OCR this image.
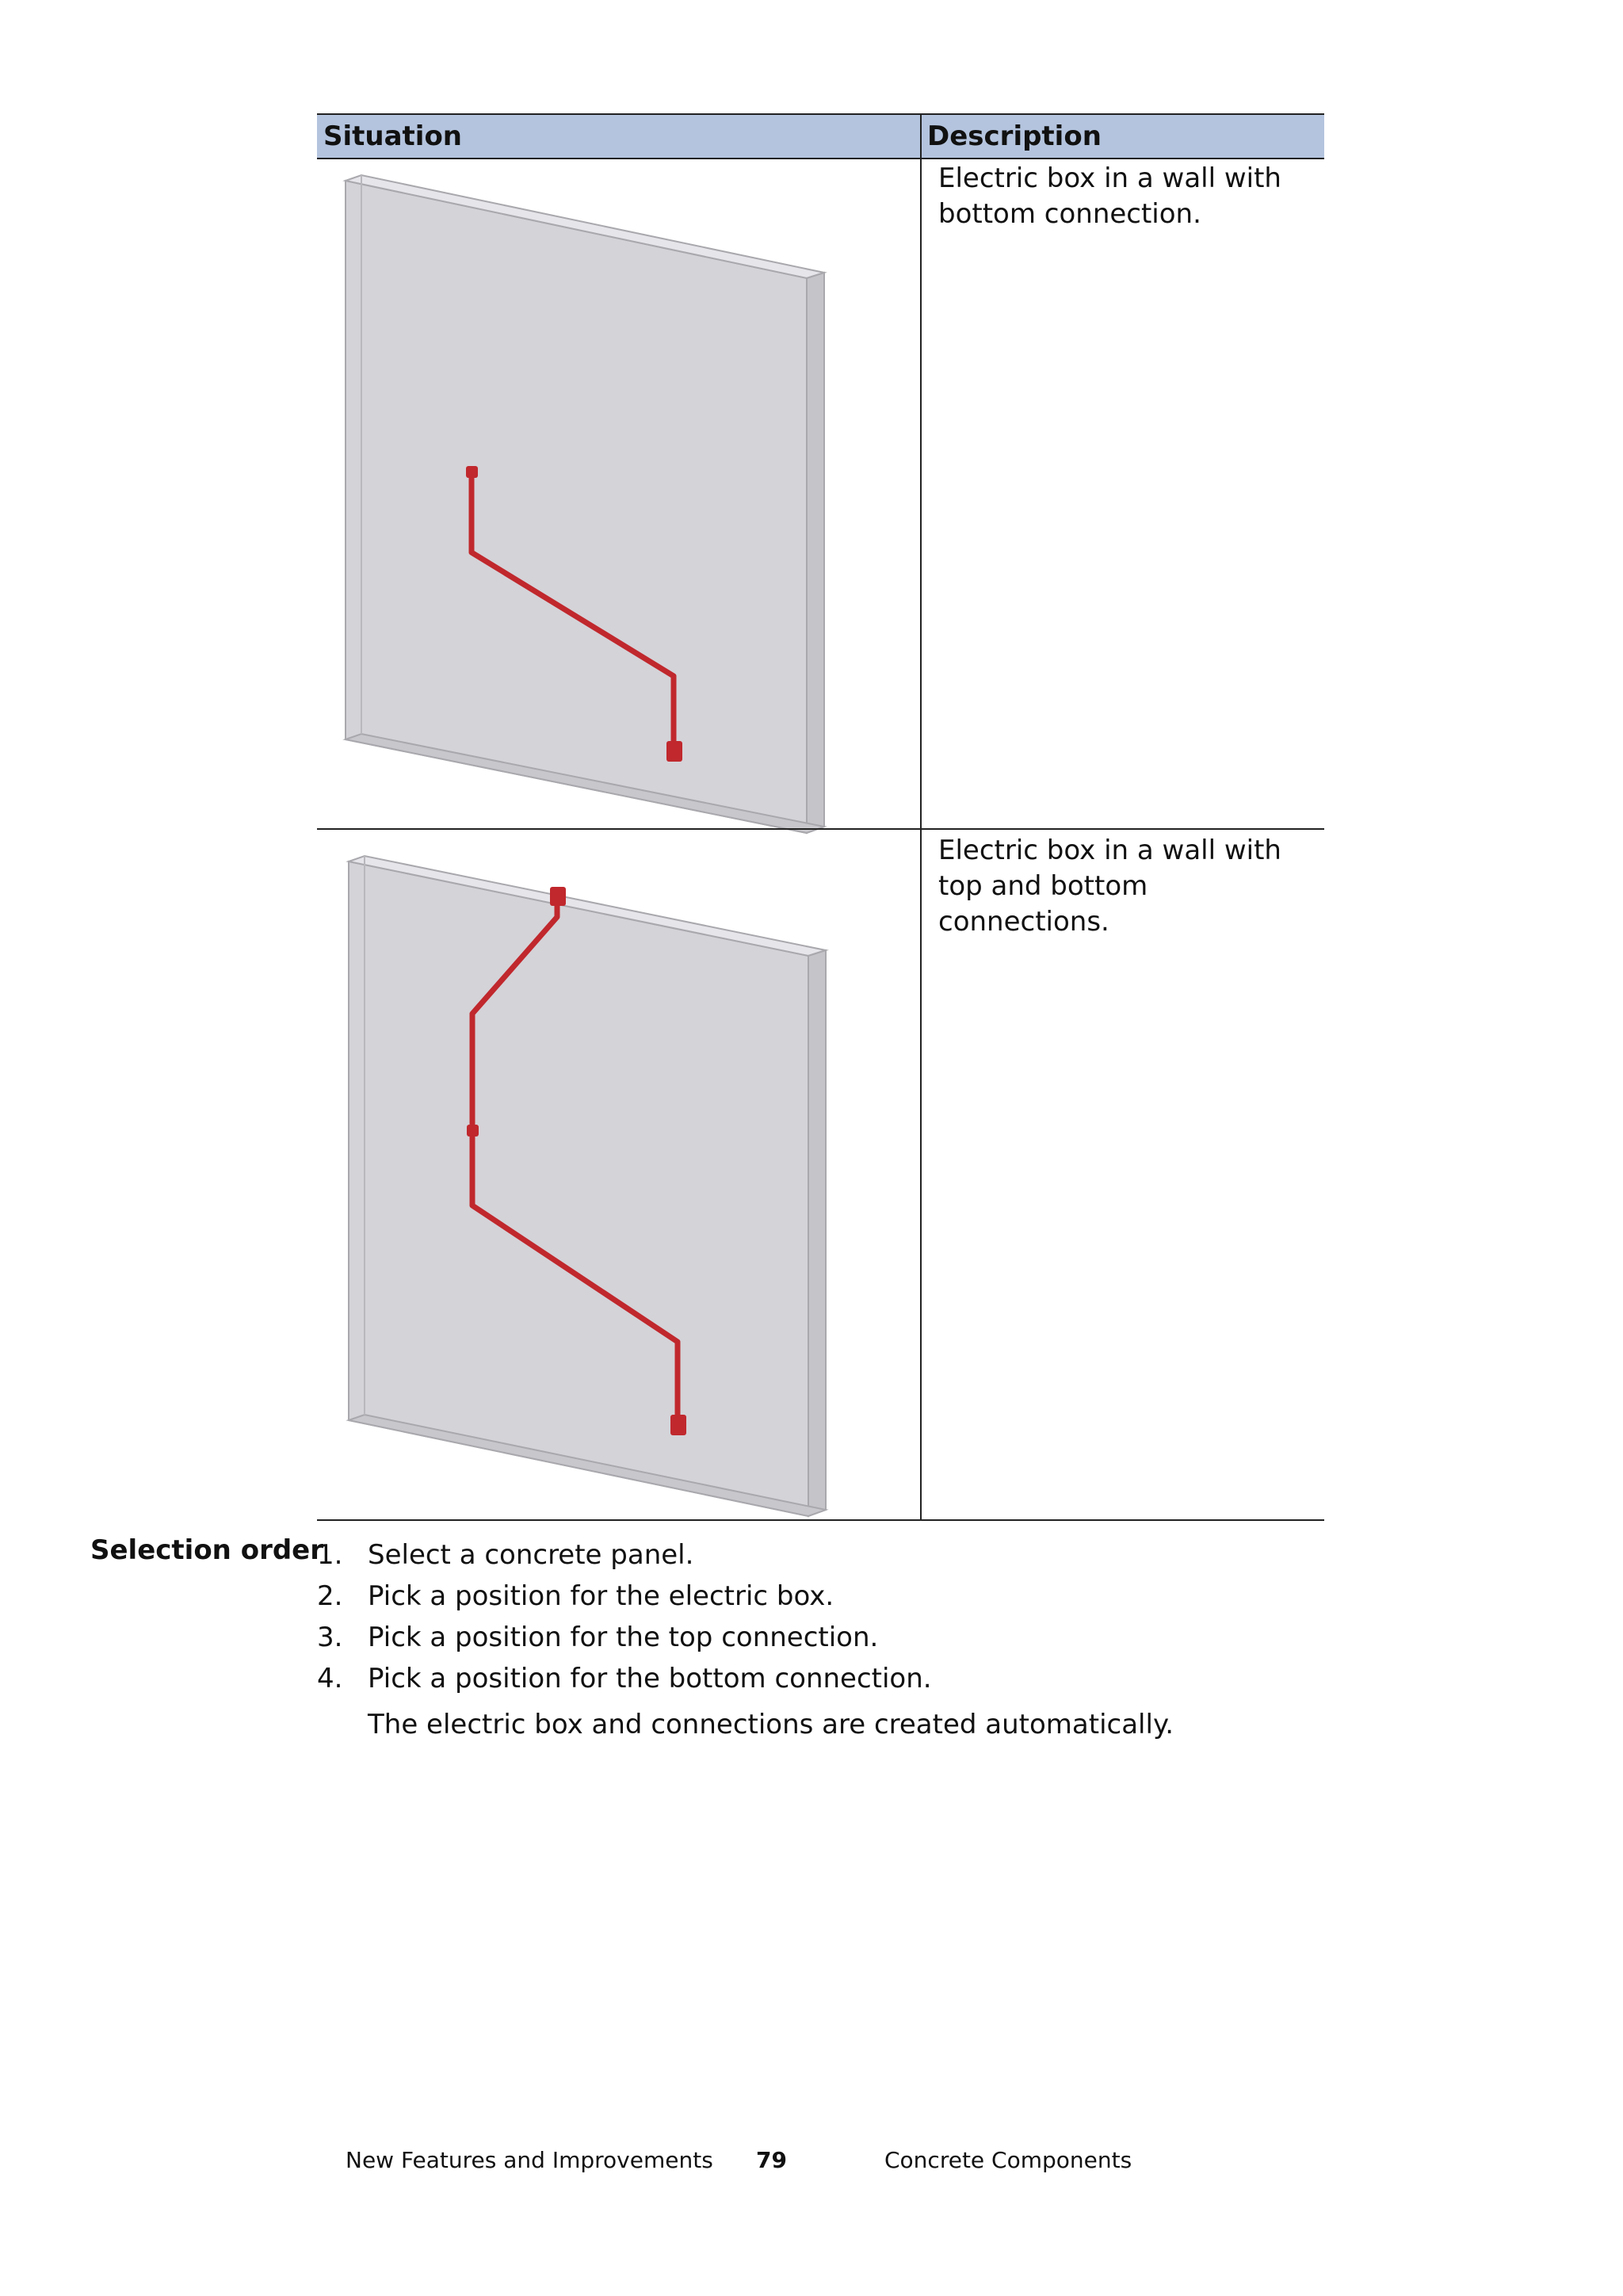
Situation	Description
Electric box in a wall with bottom connection.
Electric box in a wall with top and bottom connections.
Selection order
1. Select a concrete panel.
2. Pick a position for the electric box.
3. Pick a position for the top connection.
4. Pick a position for the bottom connection.
The electric box and connections are created automatically.
New Features and Improvements 79	Concrete Components
